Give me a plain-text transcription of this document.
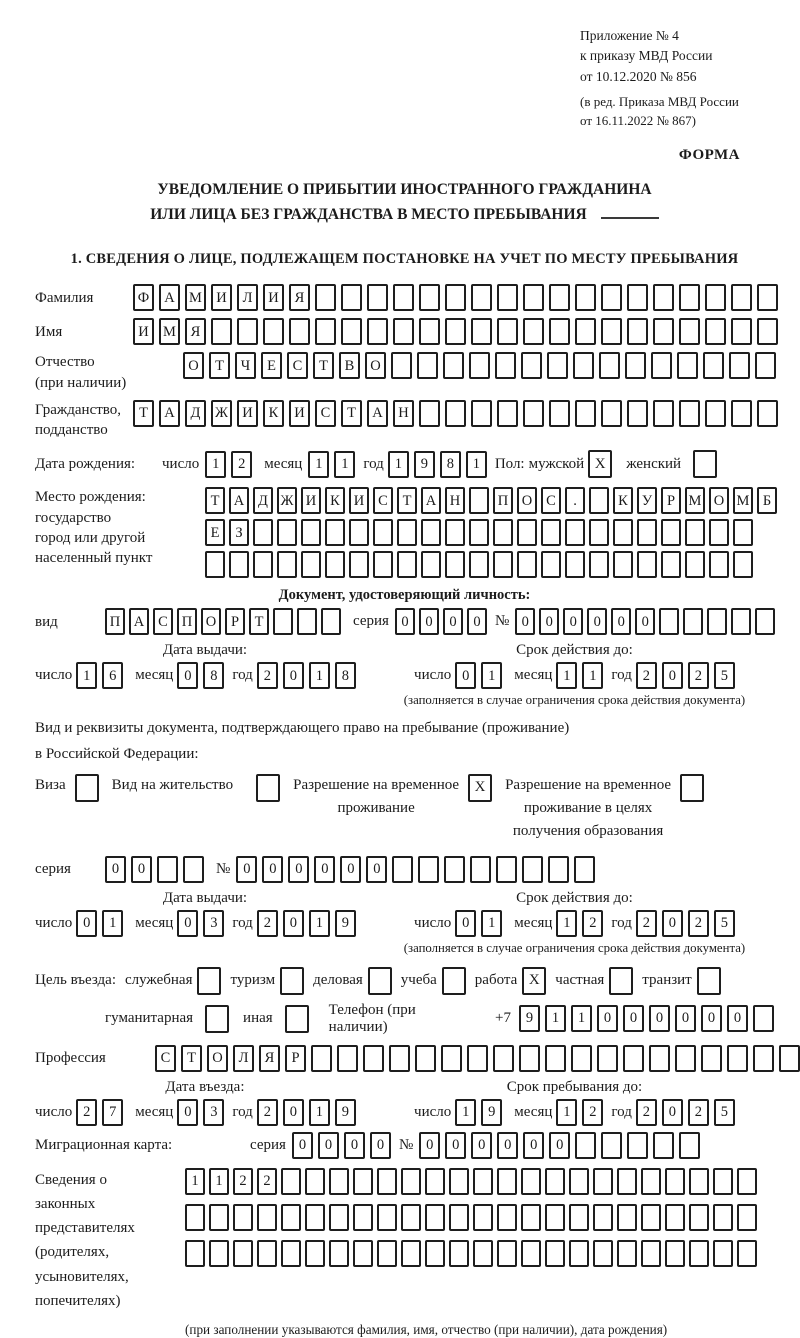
Приложение № 4
к приказу МВД России
от 10.12.2020 № 856
(в ред. Приказа МВД России
от 16.11.2022 № 867)
ФОРМА
УВЕДОМЛЕНИЕ О ПРИБЫТИИ ИНОСТРАННОГО ГРАЖДАНИНА
ИЛИ ЛИЦА БЕЗ ГРАЖДАНСТВА В МЕСТО ПРЕБЫВАНИЯ
1. СВЕДЕНИЯ О ЛИЦЕ, ПОДЛЕЖАЩЕМ ПОСТАНОВКЕ НА УЧЕТ ПО МЕСТУ ПРЕБЫВАНИЯ
Фамилия	Ф	А М И	Л	И	Я
Имя	И М	Я
Отчество
(при наличии)
О	Т	Ч	Е	С	Т	В	О
Гражданство,
подданство
Т	А	Д	Ж И	К	И	С	Т	А	Н
Дата рождения:	число 1	2	месяц 1	1 год 1	9	8	1 Пол: мужской X	женский
Место рождения:
государство
город или другой
населенный пункт
Т А Д Ж И К И С	Т А Н	П О С	.	К У	Р М О М Б
Е	З
Документ, удостоверяющий личность:
вид	П А С П О	Р	Т	серия 0	0	0	0 № 0	0	0	0	0	0
Дата выдачи:
число 1	6	месяц 0	8 год 2	0	1	8
Срок действия до:
число 0	1	месяц 1	1 год 2	0	2	5
(заполняется в случае ограничения срока действия документа)
Вид и реквизиты документа, подтверждающего право на пребывание (проживание)
в Российской Федерации:
Виза	Вид на жительство	Разрешение на временное
проживание
X	Разрешение на временное
проживание в целях
получения образования
серия	0	0	№ 0	0	0	0	0	0
Дата выдачи:
число 0	1	месяц 0	3 год 2	0	1	9
Срок действия до:
число 0	1	месяц 1	2 год 2	0	2	5
(заполняется в случае ограничения срока действия документа)
Цель въезда: служебная	туризм	деловая	учеба	работа X	частная	транзит
гуманитарная	иная
Телефон (при наличии)
+7	9	1	1	0	0	0	0	0	0
Профессия	С	Т	О	Л	Я	Р
Дата въезда:
число 2	7	месяц 0	3 год 2	0	1	9
Срок пребывания до:
число 1	9	месяц 1	2 год 2	0	2	5
Миграционная карта:	серия 0	0	0	0 № 0	0	0	0	0	0
Сведения о
законных
представителях
(родителях,
усыновителях,
попечителях)
1	1	2	2
(при заполнении указываются фамилия, имя, отчество (при наличии), дата рождения)
